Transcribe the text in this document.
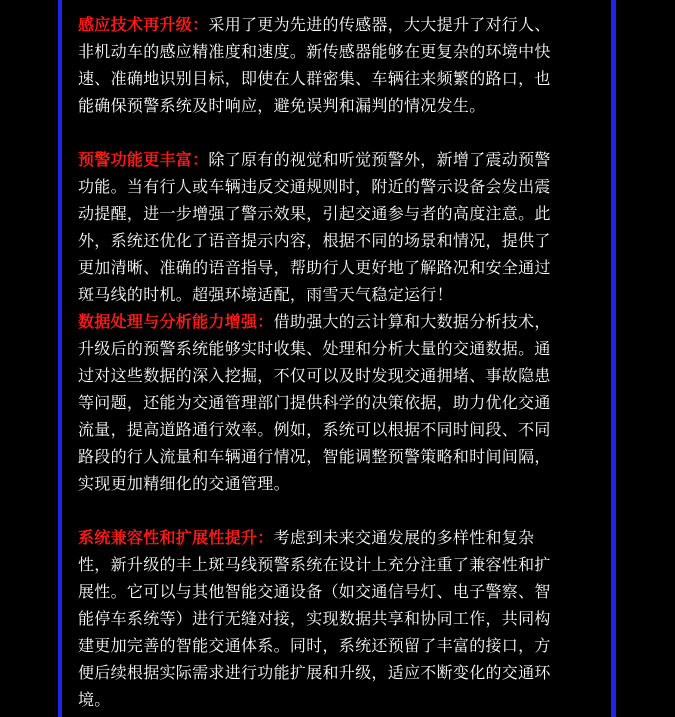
感应技术再升级：采用了更为先进的传感器，大大提升了对行人、非机动车的感应精准度和速度。新传感器能够在更复杂的环境中快速、准确地识别目标，即使在人群密集、车辆往来频繁的路口，也能确保预警系统及时响应，避免误判和漏判的情况发生。

预警功能更丰富：除了原有的视觉和听觉预警外，新增了震动预警功能。当有行人或车辆违反交通规则时，附近的警示设备会发出震动提醒，进一步增强了警示效果，引起交通参与者的高度注意。此外，系统还优化了语音提示内容，根据不同的场景和情况，提供了更加清晰、准确的语音指导，帮助行人更好地了解路况和安全通过斑马线的时机。超强环境适配，雨雪天气稳定运行！

数据处理与分析能力增强：借助强大的云计算和大数据分析技术，升级后的预警系统能够实时收集、处理和分析大量的交通数据。通过对这些数据的深入挖掘，不仅可以及时发现交通拥堵、事故隐患等问题，还能为交通管理部门提供科学的决策依据，助力优化交通流量，提高道路通行效率。例如，系统可以根据不同时间段、不同路段的行人流量和车辆通行情况，智能调整预警策略和时间间隔，实现更加精细化的交通管理。

系统兼容性和扩展性提升：考虑到未来交通发展的多样性和复杂性，新升级的丰上斑马线预警系统在设计上充分注重了兼容性和扩展性。它可以与其他智能交通设备（如交通信号灯、电子警察、智能停车系统等）进行无缝对接，实现数据共享和协同工作，共同构建更加完善的智能交通体系。同时，系统还预留了丰富的接口，方便后续根据实际需求进行功能扩展和升级，适应不断变化的交通环境。
